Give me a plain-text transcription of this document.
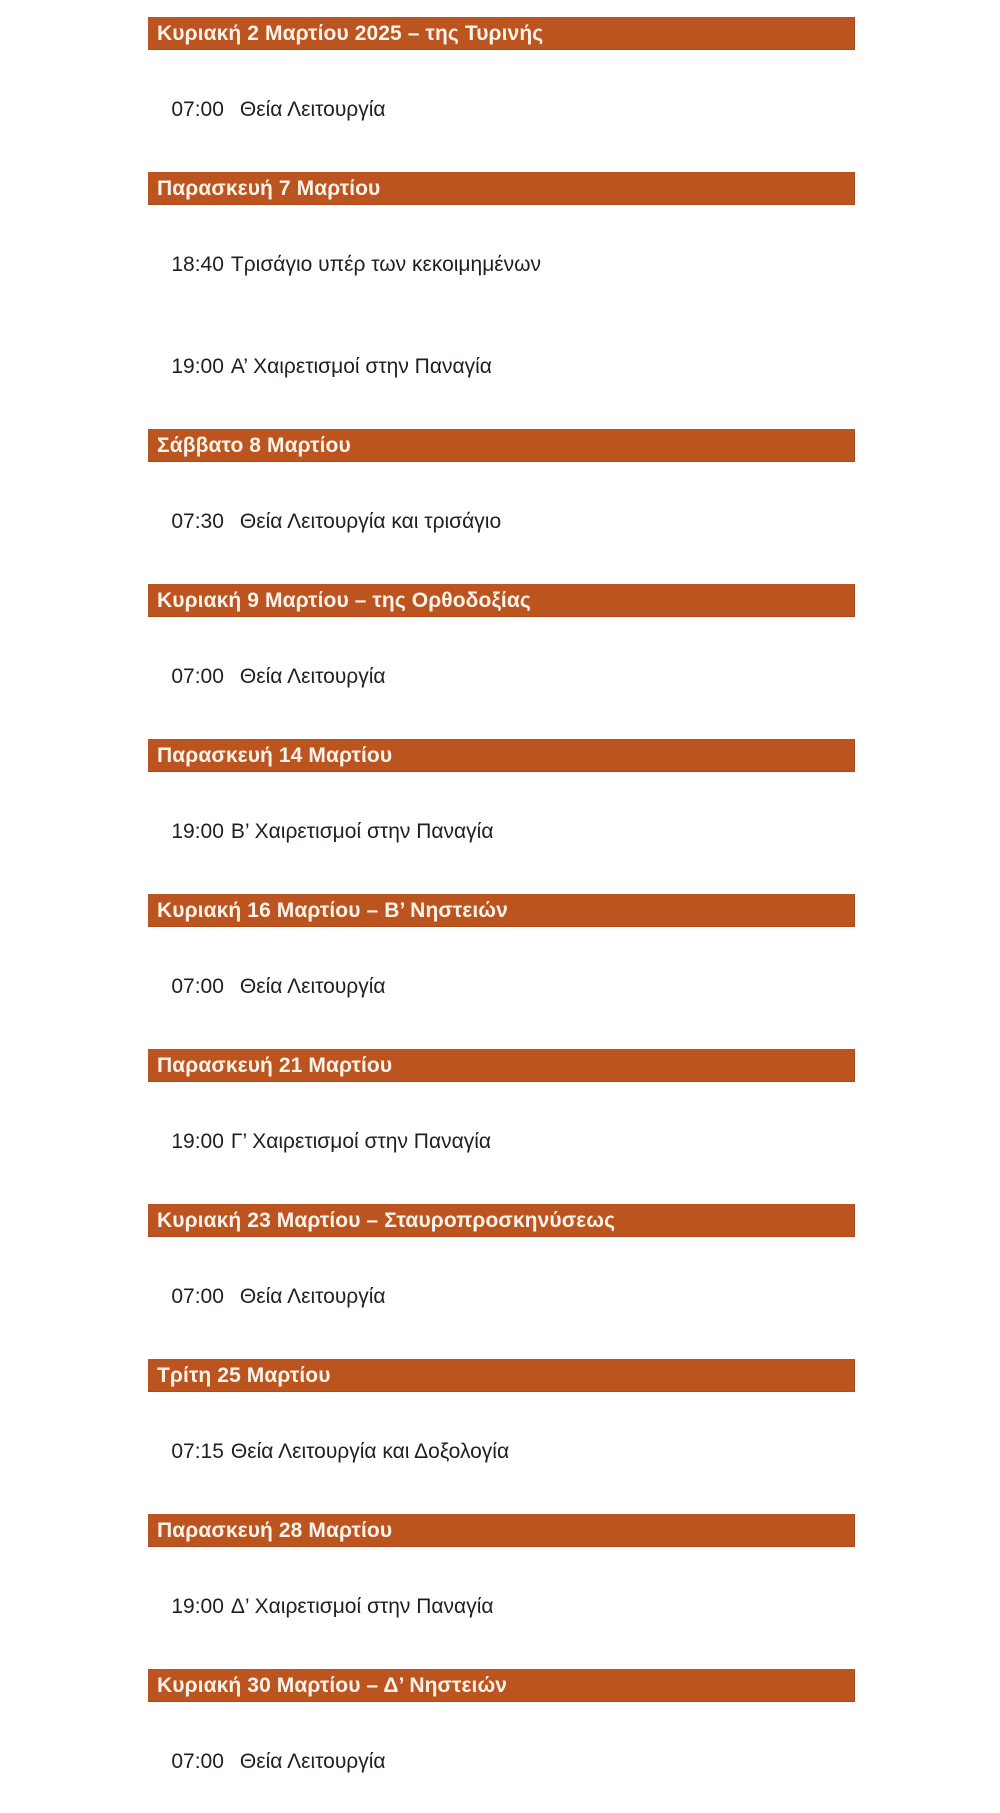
Κυριακή 2 Μαρτίου 2025 – της Τυρινής

07:00 Θεία Λειτουργία

Παρασκευή 7 Μαρτίου

18:40 Τρισάγιο υπέρ των κεκοιμημένων

19:00 Α’ Χαιρετισμοί στην Παναγία

Σάββατο 8 Μαρτίου

07:30 Θεία Λειτουργία και τρισάγιο

Κυριακή 9 Μαρτίου – της Ορθοδοξίας

07:00 Θεία Λειτουργία

Παρασκευή 14 Μαρτίου

19:00 Β’ Χαιρετισμοί στην Παναγία

Κυριακή 16 Μαρτίου – Β’ Νηστειών

07:00 Θεία Λειτουργία

Παρασκευή 21 Μαρτίου

19:00 Γ’ Χαιρετισμοί στην Παναγία

Κυριακή 23 Μαρτίου – Σταυροπροσκηνύσεως

07:00 Θεία Λειτουργία

Τρίτη 25 Μαρτίου

07:15 Θεία Λειτουργία και Δοξολογία

Παρασκευή 28 Μαρτίου

19:00 Δ’ Χαιρετισμοί στην Παναγία

Κυριακή 30 Μαρτίου – Δ’ Νηστειών

07:00 Θεία Λειτουργία
